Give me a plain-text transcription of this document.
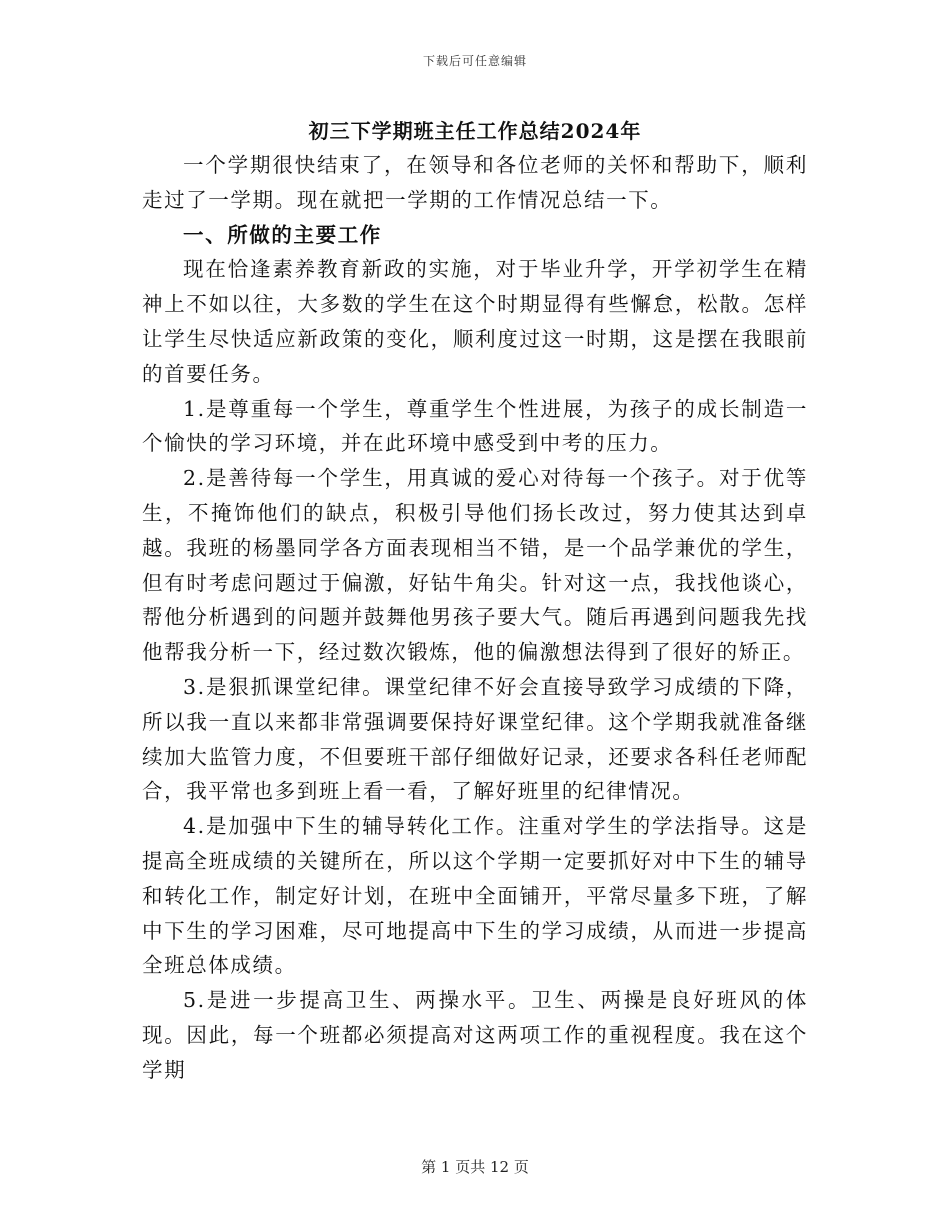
下载后可任意编辑
初三下学期班主任工作总结2024年

一个学期很快结束了，在领导和各位老师的关怀和帮助下，顺利走过了一学期。现在就把一学期的工作情况总结一下。

一、所做的主要工作

现在恰逢素养教育新政的实施，对于毕业升学，开学初学生在精神上不如以往，大多数的学生在这个时期显得有些懈怠，松散。怎样让学生尽快适应新政策的变化，顺利度过这一时期，这是摆在我眼前的首要任务。

1.是尊重每一个学生，尊重学生个性进展，为孩子的成长制造一个愉快的学习环境，并在此环境中感受到中考的压力。

2.是善待每一个学生，用真诚的爱心对待每一个孩子。对于优等生，不掩饰他们的缺点，积极引导他们扬长改过，努力使其达到卓越。我班的杨墨同学各方面表现相当不错，是一个品学兼优的学生，但有时考虑问题过于偏激，好钻牛角尖。针对这一点，我找他谈心，帮他分析遇到的问题并鼓舞他男孩子要大气。随后再遇到问题我先找他帮我分析一下，经过数次锻炼，他的偏激想法得到了很好的矫正。

3.是狠抓课堂纪律。课堂纪律不好会直接导致学习成绩的下降，所以我一直以来都非常强调要保持好课堂纪律。这个学期我就准备继续加大监管力度，不但要班干部仔细做好记录，还要求各科任老师配合，我平常也多到班上看一看，了解好班里的纪律情况。

4.是加强中下生的辅导转化工作。注重对学生的学法指导。这是提高全班成绩的关键所在，所以这个学期一定要抓好对中下生的辅导和转化工作，制定好计划，在班中全面铺开，平常尽量多下班，了解中下生的学习困难，尽可地提高中下生的学习成绩，从而进一步提高全班总体成绩。

5.是进一步提高卫生、两操水平。卫生、两操是良好班风的体现。因此，每一个班都必须提高对这两项工作的重视程度。我在这个学期

第 1 页共 12 页
